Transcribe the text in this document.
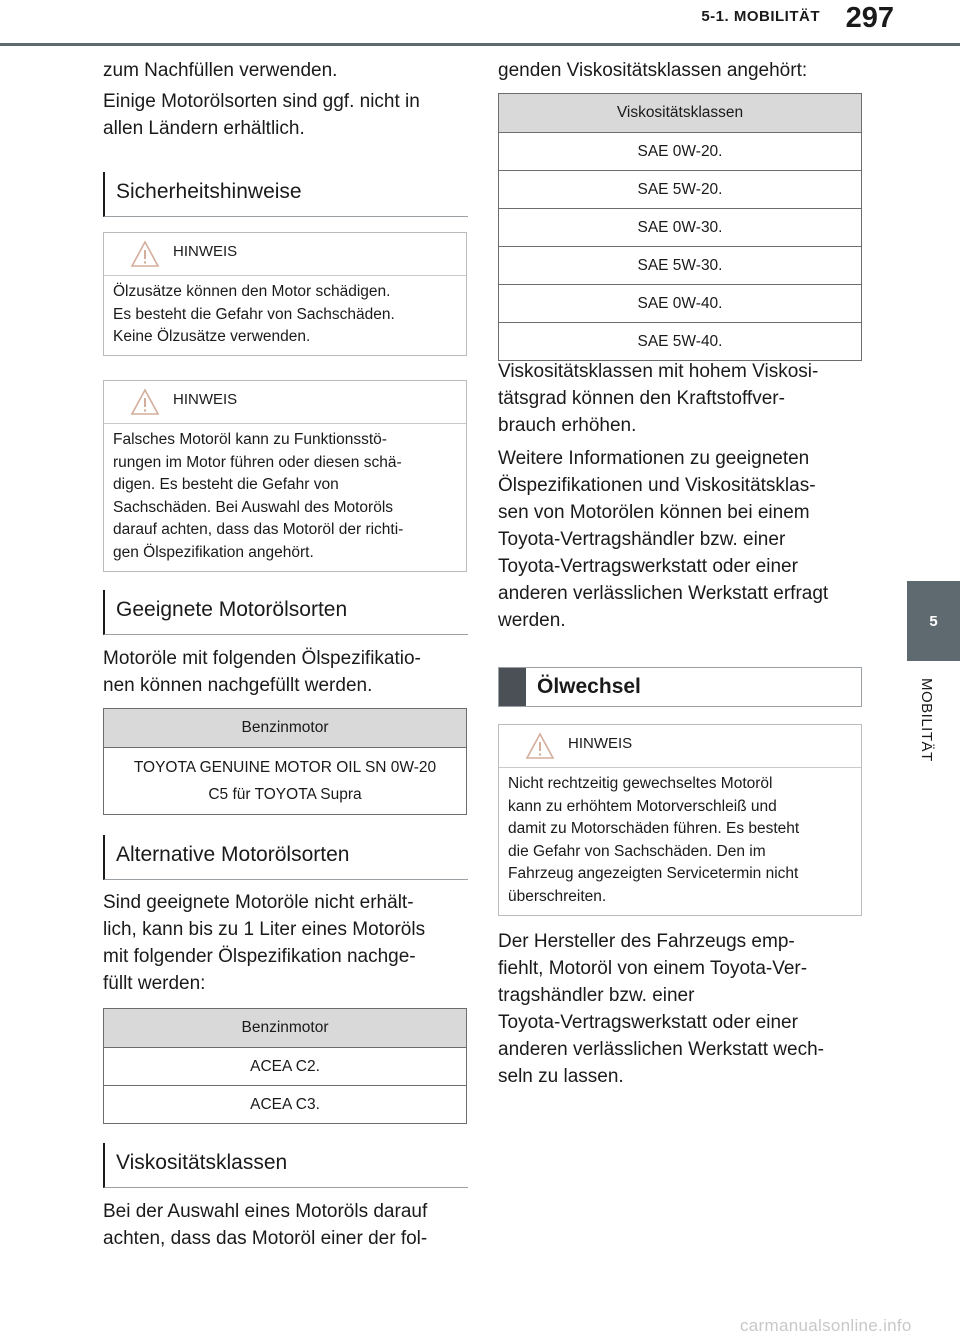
5-1. MOBILITÄT 297
5
MOBILITÄT

zum Nachfüllen verwenden.

Einige Motorölsorten sind ggf. nicht in

allen Ländern erhältlich.

Sicherheitshinweise
HINWEIS
Ölzusätze können den Motor schädigen.
Es besteht die Gefahr von Sachschäden.
Keine Ölzusätze verwenden.
HINWEIS
Falsches Motoröl kann zu Funktionsstö-
rungen im Motor führen oder diesen schä-
digen. Es besteht die Gefahr von
Sachschäden. Bei Auswahl des Motoröls
darauf achten, dass das Motoröl der richti-
gen Ölspezifikation angehört.
Geeignete Motorölsorten

Motoröle mit folgenden Ölspezifikatio-

nen können nachgefüllt werden.

Benzinmotor

TOYOTA GENUINE MOTOR OIL SN 0W-20
C5 für TOYOTA Supra
Alternative Motorölsorten

Sind geeignete Motoröle nicht erhält-

lich, kann bis zu 1 Liter eines Motoröls

mit folgender Ölspezifikation nachge-

füllt werden:

Benzinmotor
ACEA C2.
ACEA C3.
Viskositätsklassen

Bei der Auswahl eines Motoröls darauf

achten, dass das Motoröl einer der fol-

genden Viskositätsklassen angehört:

Viskositätsklassen
SAE 0W-20.
SAE 5W-20.
SAE 0W-30.
SAE 5W-30.
SAE 0W-40.
SAE 5W-40.

Viskositätsklassen mit hohem Viskosi-

tätsgrad können den Kraftstoffver-

brauch erhöhen.

Weitere Informationen zu geeigneten

Ölspezifikationen und Viskositätsklas-

sen von Motorölen können bei einem

Toyota-Vertragshändler bzw. einer

Toyota-Vertragswerkstatt oder einer

anderen verlässlichen Werkstatt erfragt

werden.

Ölwechsel
HINWEIS
Nicht rechtzeitig gewechseltes Motoröl
kann zu erhöhtem Motorverschleiß und
damit zu Motorschäden führen. Es besteht
die Gefahr von Sachschäden. Den im
Fahrzeug angezeigten Servicetermin nicht
überschreiten.

Der Hersteller des Fahrzeugs emp-

fiehlt, Motoröl von einem Toyota-Ver-

tragshändler bzw. einer

Toyota-Vertragswerkstatt oder einer

anderen verlässlichen Werkstatt wech-

seln zu lassen.

carmanualsonline.info
